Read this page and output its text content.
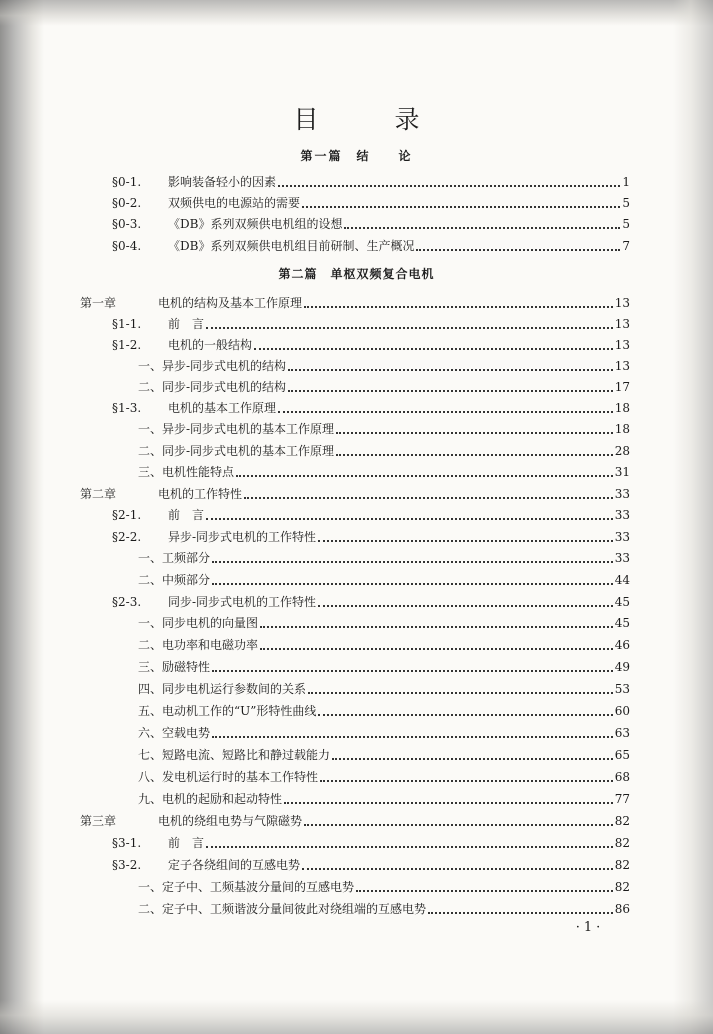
目 录
第一篇　结　　论
第二篇　单枢双频复合电机
§0-1.	影响装备轻小的因素	1
§0-2.	双频供电的电源站的需要	5
§0-3.	《DB》系列双频供电机组的设想	5
§0-4.	《DB》系列双频供电机组目前研制、生产概况	7
第一章	电机的结构及基本工作原理	13
§1-1.	前　言	13
§1-2.	电机的一般结构	13
一、异步-同步式电机的结构	13
二、同步-同步式电机的结构	17
§1-3.	电机的基本工作原理	18
一、异步-同步式电机的基本工作原理	18
二、同步-同步式电机的基本工作原理	28
三、电机性能特点	31
第二章	电机的工作特性	33
§2-1.	前　言	33
§2-2.	异步-同步式电机的工作特性	33
一、工频部分	33
二、中频部分	44
§2-3.	同步-同步式电机的工作特性	45
一、同步电机的向量图	45
二、电功率和电磁功率	46
三、励磁特性	49
四、同步电机运行参数间的关系	53
五、电动机工作的“U”形特性曲线	60
六、空载电势	63
七、短路电流、短路比和静过载能力	65
八、发电机运行时的基本工作特性	68
九、电机的起励和起动特性	77
第三章	电机的绕组电势与气隙磁势	82
§3-1.	前　言	82
§3-2.	定子各绕组间的互感电势	82
一、定子中、工频基波分量间的互感电势	82
二、定子中、工频谐波分量间彼此对绕组端的互感电势	86
·1·
